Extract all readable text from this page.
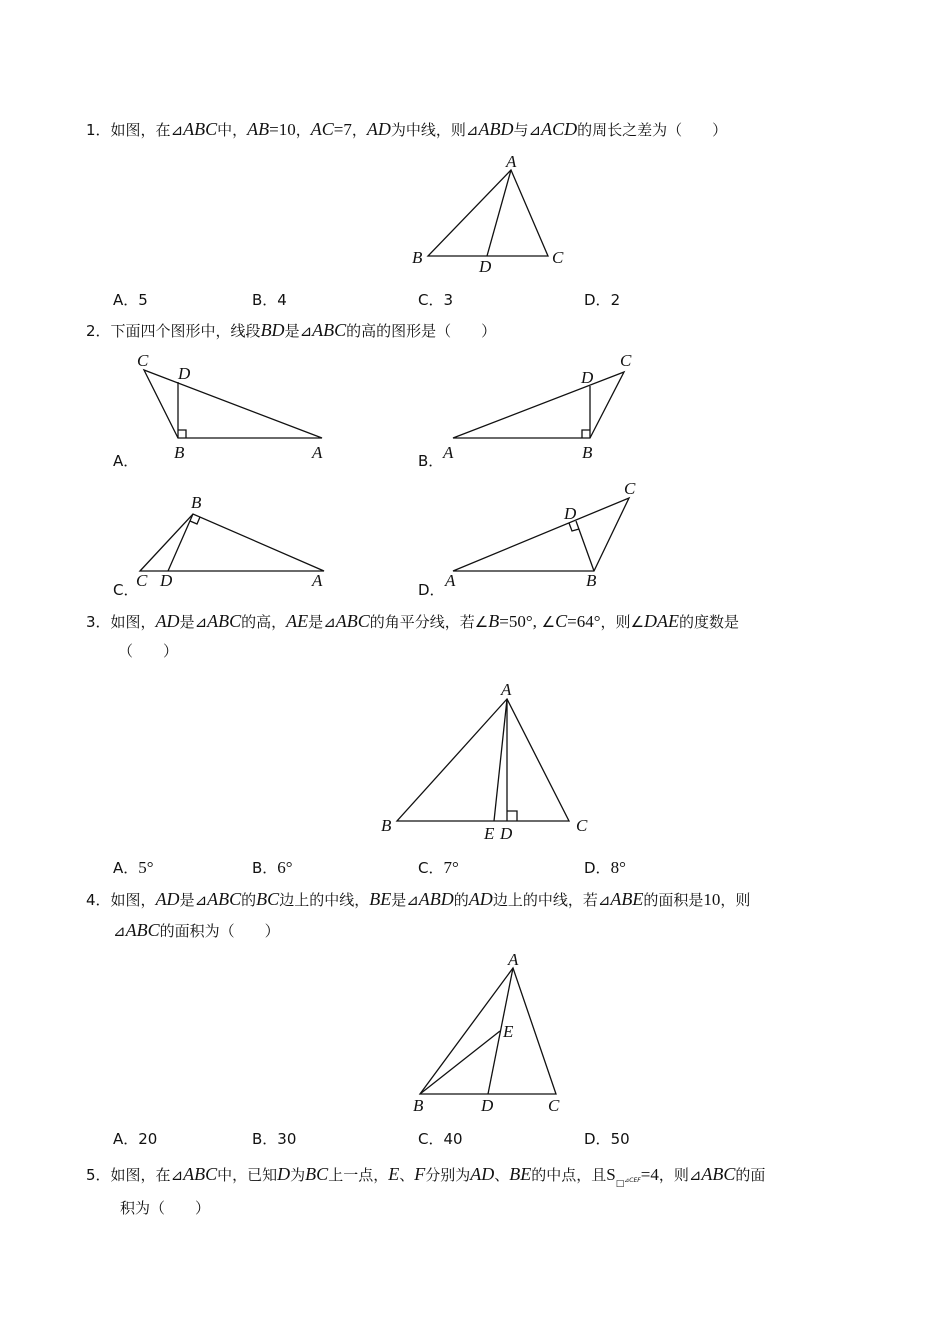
1．如图，在⊿ABC中，AB=10，AC=7，AD为中线，则⊿ABD与⊿ACD的周长之差为（　　）
A
B	D	C
A．5	B．4	C．3	D．2
2．下面四个图形中，线段BD是⊿ABC的高的图形是（　　）
A．
C
D
B	A	B．
C
D
A	B
C．
B
C D	A	D．
C
D
A	B
3．如图，AD是⊿ABC的高，AE是⊿ABC的角平分线，若∠B=50°, ∠C=64°，则∠DAE的度数是
（　　）
A
B	E D	C
A．5°	B．6°	C．7°	D．8°
4．如图，AD是⊿ABC的BC边上的中线，BE是⊿ABD的AD边上的中线，若⊿ABE的面积是10，则
⊿ABC的面积为（　　）
A
E
B	D	C
A．20	B．30	C．40	D．50
5．如图，在⊿ABC中，已知D为BC上一点，E、F分别为AD、BE的中点，且$S_□⊿CEF=4$，则⊿ABC的面
积为（　　）
